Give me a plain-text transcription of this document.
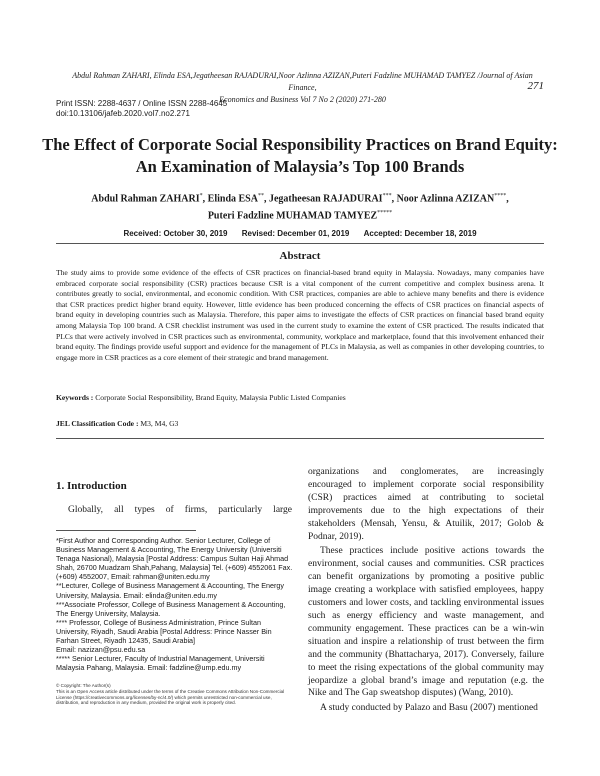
Abdul Rahman ZAHARI, Elinda ESA,Jegatheesan RAJADURAI,Noor Azlinna AZIZAN,Puteri Fadzline MUHAMAD TAMYEZ /Journal of Asian Finance,
Economics and Business Vol 7 No 2 (2020) 271-280
271
Print ISSN: 2288-4637 / Online ISSN 2288-4645
doi:10.13106/jafeb.2020.vol7.no2.271
The Effect of Corporate Social Responsibility Practices on Brand Equity:
An Examination of Malaysia’s Top 100 Brands
Abdul Rahman ZAHARI*, Elinda ESA**, Jegatheesan RAJADURAI***, Noor Azlinna AZIZAN****,
Puteri Fadzline MUHAMAD TAMYEZ*****
Received: October 30, 2019 Revised: December 01, 2019 Accepted: December 18, 2019
Abstract
The study aims to provide some evidence of the effects of CSR practices on financial-based brand equity in Malaysia. Nowadays, many companies have embraced corporate social responsibility (CSR) practices because CSR is a vital component of the current competitive and complex business arena. It contributes greatly to social, environmental, and economic condition. With CSR practices, companies are able to achieve many benefits and there is evidence that CSR practices predict higher brand equity. However, little evidence has been produced concerning the effects of CSR practices on financial aspects of brand equity in developing countries such as Malaysia. Therefore, this paper aims to investigate the effects of CSR practices on financial based brand equity among Malaysia Top 100 brand. A CSR checklist instrument was used in the current study to examine the extent of CSR practiced. The results indicated that PLCs that were actively involved in CSR practices such as environmental, community, workplace and marketplace, found that this involvement enhanced their brand equity. The findings provide useful support and evidence for the management of PLCs in Malaysia, as well as companies in other developing countries, to engage more in CSR practices as a core element of their strategic and brand management.
Keywords : Corporate Social Responsibility, Brand Equity, Malaysia Public Listed Companies
JEL Classification Code : M3, M4, G3
1. Introduction
Globally, all types of firms, particularly large

*First Author and Corresponding Author. Senior Lecturer, College of Business Management & Accounting, The Energy University (Universiti Tenaga Nasional), Malaysia [Postal Address: Campus Sultan Haji Ahmad Shah, 26700 Muadzam Shah,Pahang, Malaysia] Tel. (+609) 4552061 Fax. (+609) 4552007, Email: rahman@uniten.edu.my

**Lecturer, College of Business Management & Accounting, The Energy University, Malaysia. Email: elinda@uniten.edu.my

***Associate Professor, College of Business Management & Accounting, The Energy University, Malaysia.

**** Professor, College of Business Administration, Prince Sultan University, Riyadh, Saudi Arabia [Postal Address: Prince Nasser Bin Farhan Street, Riyadh 12435, Saudi Arabia]

Email: nazizan@psu.edu.sa

***** Senior Lecturer, Faculty of Industrial Management, Universiti Malaysia Pahang, Malaysia. Email: fadzline@ump.edu.my

© Copyright: The Author(s)
This is an Open Access article distributed under the terms of the Creative Commons Attribution Non-Commercial License (https://creativecommons.org/licenses/by-nc/4.0/) which permits unrestricted non-commercial use, distribution, and reproduction in any medium, provided the original work is properly cited.

organizations and conglomerates, are increasingly encouraged to implement corporate social responsibility (CSR) practices aimed at contributing to societal improvements due to the high expectations of their stakeholders (Mensah, Yensu, & Atuilik, 2017; Golob & Podnar, 2019).

These practices include positive actions towards the environment, social causes and communities. CSR practices can benefit organizations by promoting a positive public image creating a workplace with satisfied employees, happy customers and lower costs, and tackling environmental issues such as energy efficiency and waste management, and community engagement. These practices can be a win-win situation and inspire a relationship of trust between the firm and the community (Bhattacharya, 2017). Conversely, failure to meet the rising expectations of the global community may jeopardize a global brand’s image and reputation (e.g. the Nike and The Gap sweatshop disputes) (Wang, 2010).

A study conducted by Palazo and Basu (2007) mentioned
